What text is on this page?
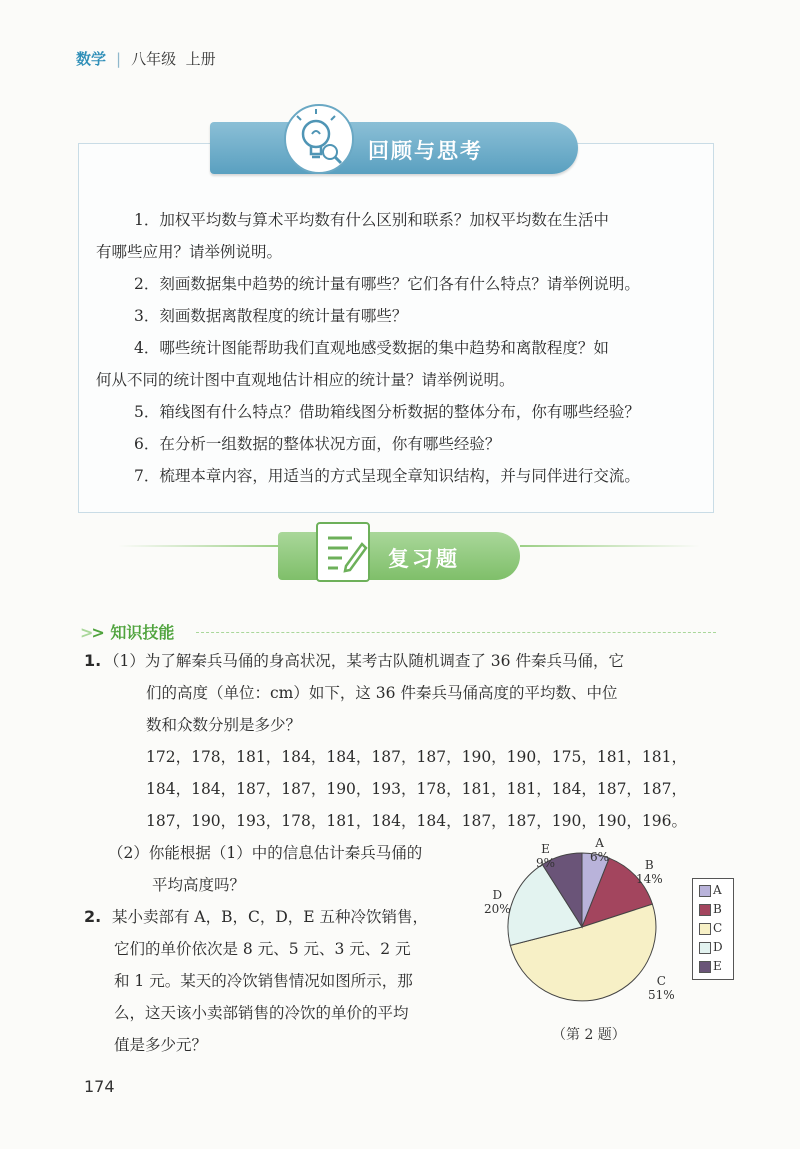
数学 | 八年级 上册
回顾与思考
1．加权平均数与算术平均数有什么区别和联系？加权平均数在生活中
有哪些应用？请举例说明。
2．刻画数据集中趋势的统计量有哪些？它们各有什么特点？请举例说明。
3．刻画数据离散程度的统计量有哪些？
4．哪些统计图能帮助我们直观地感受数据的集中趋势和离散程度？如
何从不同的统计图中直观地估计相应的统计量？请举例说明。
5．箱线图有什么特点？借助箱线图分析数据的整体分布，你有哪些经验？
6．在分析一组数据的整体状况方面，你有哪些经验？
7．梳理本章内容，用适当的方式呈现全章知识结构，并与同伴进行交流。
复习题
>> 知识技能
1. （1）为了解秦兵马俑的身高状况，某考古队随机调查了 36 件秦兵马俑，它
们的高度（单位：cm）如下，这 36 件秦兵马俑高度的平均数、中位
数和众数分别是多少？
172，178，181，184，184，187，187，190，190，175，181，181，
184，184，187，187，190，193，178，181，181，184，187，187，
187，190，193，178，181，184，184，187，187，190，190，196。
（2）你能根据（1）中的信息估计秦兵马俑的
平均高度吗？
2. 某小卖部有 A，B，C，D，E 五种冷饮销售，
它们的单价依次是 8 元、5 元、3 元、2 元
和 1 元。某天的冷饮销售情况如图所示，那
么，这天该小卖部销售的冷饮的单价的平均
值是多少元？
A
6%
B
14%
C
51%
D
20%
E
9%
A
B
C
D
E
（第 2 题）
174
